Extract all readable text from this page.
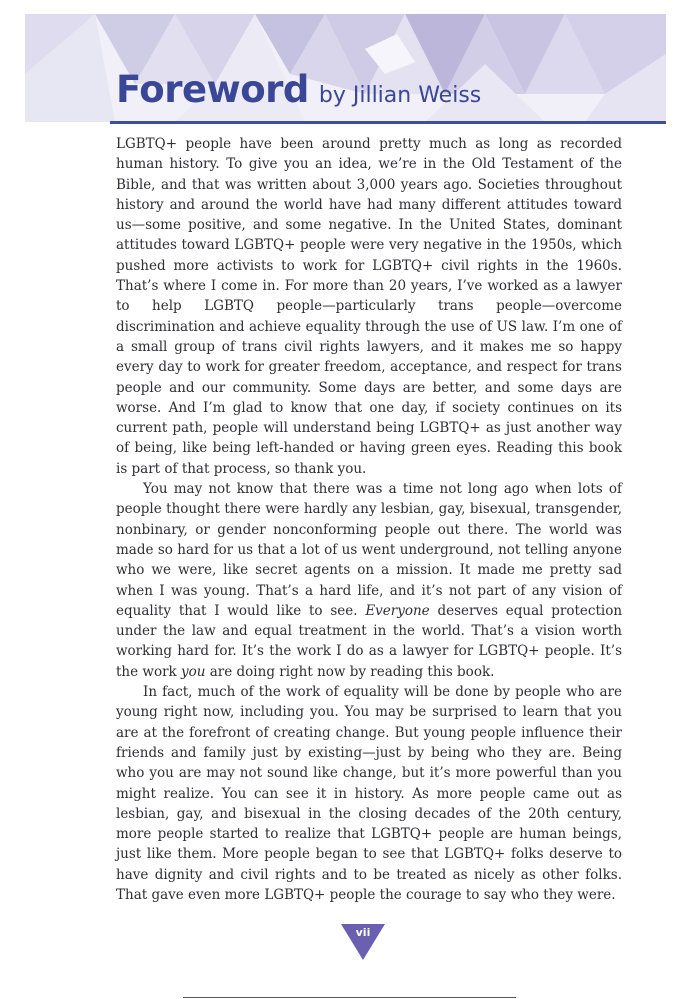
Foreword by Jillian Weiss

LGBTQ+ people have been around pretty much as long as recorded human history. To give you an idea, we’re in the Old Testament of the Bible, and that was written about 3,000 years ago. Societies throughout history and around the world have had many different attitudes toward us—some positive, and some negative. In the United States, dominant attitudes toward LGBTQ+ people were very negative in the 1950s, which pushed more activists to work for LGBTQ+ civil rights in the 1960s. That’s where I come in. For more than 20 years, I’ve worked as a lawyer to help LGBTQ people—particularly trans people—overcome discrimination and achieve equality through the use of US law. I’m one of a small group of trans civil rights lawyers, and it makes me so happy every day to work for greater freedom, acceptance, and respect for trans people and our community. Some days are better, and some days are worse. And I’m glad to know that one day, if society continues on its current path, people will understand being LGBTQ+ as just another way of being, like being left-handed or having green eyes. Reading this book is part of that process, so thank you.

You may not know that there was a time not long ago when lots of people thought there were hardly any lesbian, gay, bisexual, transgender, nonbinary, or gender nonconforming people out there. The world was made so hard for us that a lot of us went underground, not telling anyone who we were, like secret agents on a mission. It made me pretty sad when I was young. That’s a hard life, and it’s not part of any vision of equality that I would like to see. Everyone deserves equal protection under the law and equal treatment in the world. That’s a vision worth working hard for. It’s the work I do as a lawyer for LGBTQ+ people. It’s the work you are doing right now by reading this book.

In fact, much of the work of equality will be done by people who are young right now, including you. You may be surprised to learn that you are at the forefront of creating change. But young people influence their friends and family just by existing—just by being who they are. Being who you are may not sound like change, but it’s more powerful than you might realize. You can see it in history. As more people came out as lesbian, gay, and bisexual in the closing decades of the 20th century, more people started to realize that LGBTQ+ people are human beings, just like them. More people began to see that LGBTQ+ folks deserve to have dignity and civil rights and to be treated as nicely as other folks. That gave even more LGBTQ+ people the courage to say who they were.

vii
